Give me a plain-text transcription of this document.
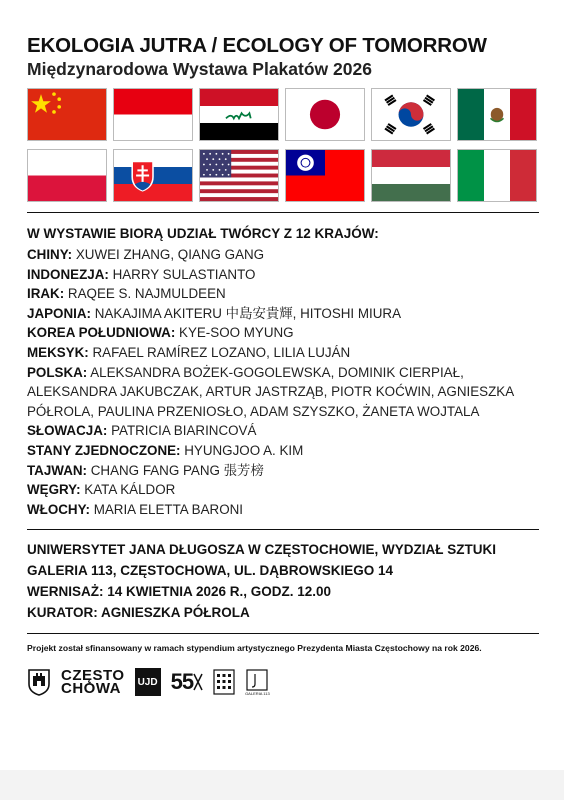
EKOLOGIA JUTRA / ECOLOGY OF TOMORROW
Międzynarodowa Wystawa Plakatów 2026
W WYSTAWIE BIORĄ UDZIAŁ TWÓRCY Z 12 KRAJÓW:
CHINY: XUWEI ZHANG, QIANG GANG
INDONEZJA: HARRY SULASTIANTO
IRAK: RAQEE S. NAJMULDEEN
JAPONIA: NAKAJIMA AKITERU 中島安貴輝, HITOSHI MIURA
KOREA POŁUDNIOWA: KYE-SOO MYUNG
MEKSYK: RAFAEL RAMÍREZ LOZANO, LILIA LUJÁN
POLSKA: ALEKSANDRA BOŻEK-GOGOLEWSKA, DOMINIK CIERPIAŁ, ALEKSANDRA JAKUBCZAK, ARTUR JASTRZĄB, PIOTR KOĆWIN, AGNIESZKA PÓŁROLA, PAULINA PRZENIOSŁO, ADAM SZYSZKO, ŻANETA WOJTALA
SŁOWACJA: PATRICIA BIARINCOVÁ
STANY ZJEDNOCZONE: HYUNGJOO A. KIM
TAJWAN: CHANG FANG PANG 張芳榜
WĘGRY: KATA KÁLDOR
WŁOCHY: MARIA ELETTA BARONI
UNIWERSYTET JANA DŁUGOSZA W CZĘSTOCHOWIE, WYDZIAŁ SZTUKI
GALERIA 113, CZĘSTOCHOWA, UL. DĄBROWSKIEGO 14
WERNISAŻ: 14 KWIETNIA 2026 R., GODZ. 12.00
KURATOR: AGNIESZKA PÓŁROLA
Projekt został sfinansowany w ramach stypendium artystycznego Prezydenta Miasta Częstochowy na rok 2026.
CZĘSTO
CHOWA UJD 55	GALERIA 113
